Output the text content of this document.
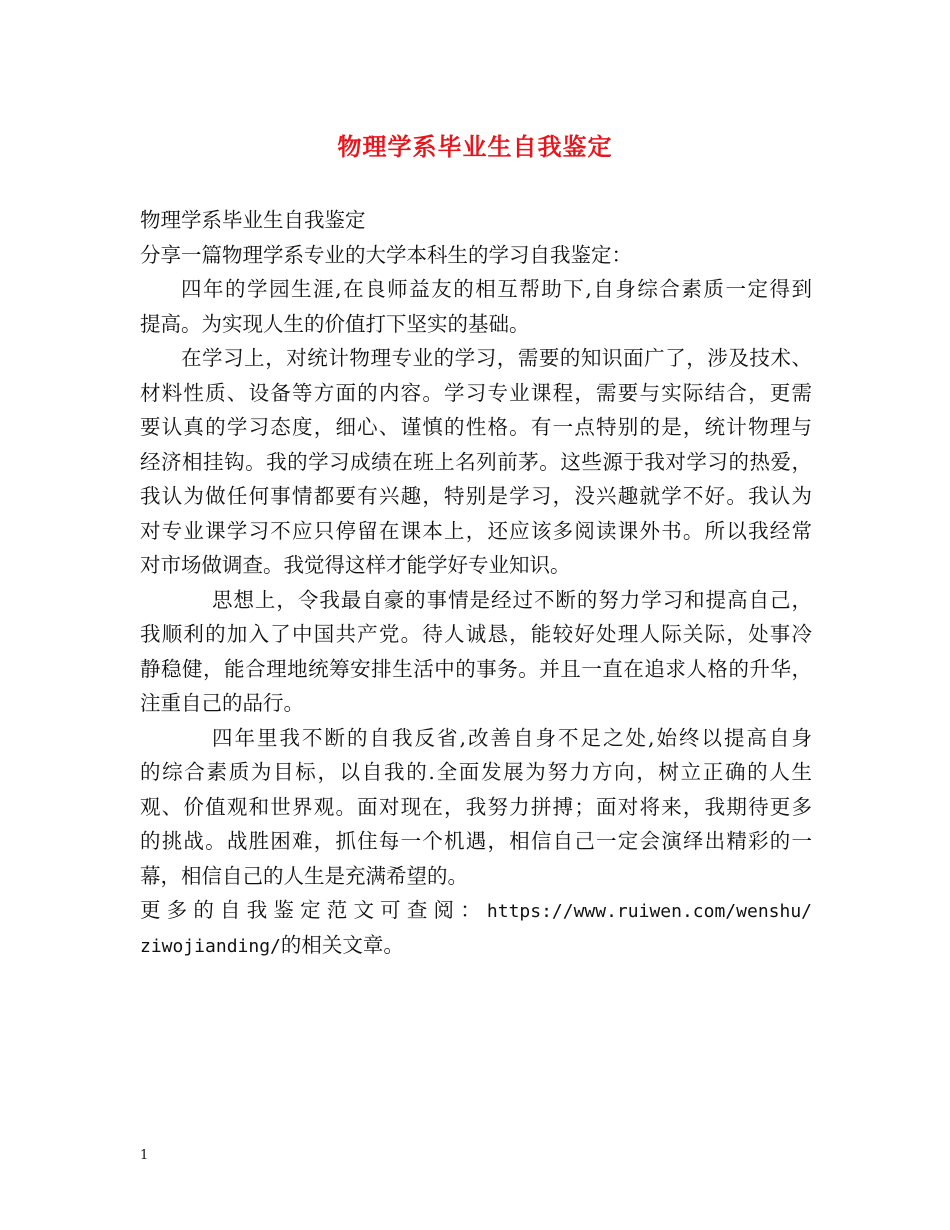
物理学系毕业生自我鉴定
物理学系毕业生自我鉴定
分享一篇物理学系专业的大学本科生的学习自我鉴定：
四年的学园生涯,在良师益友的相互帮助下,自身综合素质一定得到
提高。为实现人生的价值打下坚实的基础。
在学习上，对统计物理专业的学习，需要的知识面广了，涉及技术、
材料性质、设备等方面的内容。学习专业课程，需要与实际结合，更需
要认真的学习态度，细心、谨慎的性格。有一点特别的是，统计物理与
经济相挂钩。我的学习成绩在班上名列前茅。这些源于我对学习的热爱，
我认为做任何事情都要有兴趣，特别是学习，没兴趣就学不好。我认为
对专业课学习不应只停留在课本上，还应该多阅读课外书。所以我经常
对市场做调查。我觉得这样才能学好专业知识。
思想上，令我最自豪的事情是经过不断的努力学习和提高自己，
我顺利的加入了中国共产党。待人诚恳，能较好处理人际关际，处事冷
静稳健，能合理地统筹安排生活中的事务。并且一直在追求人格的升华，
注重自己的品行。
四年里我不断的自我反省,改善自身不足之处,始终以提高自身
的综合素质为目标，以自我的.全面发展为努力方向，树立正确的人生
观、价值观和世界观。面对现在，我努力拼搏；面对将来，我期待更多
的挑战。战胜困难，抓住每一个机遇，相信自己一定会演绎出精彩的一
幕，相信自己的人生是充满希望的。
更多的自我鉴定范文可查阅：https://www.ruiwen.com/wenshu/
ziwojianding/的相关文章。
1
